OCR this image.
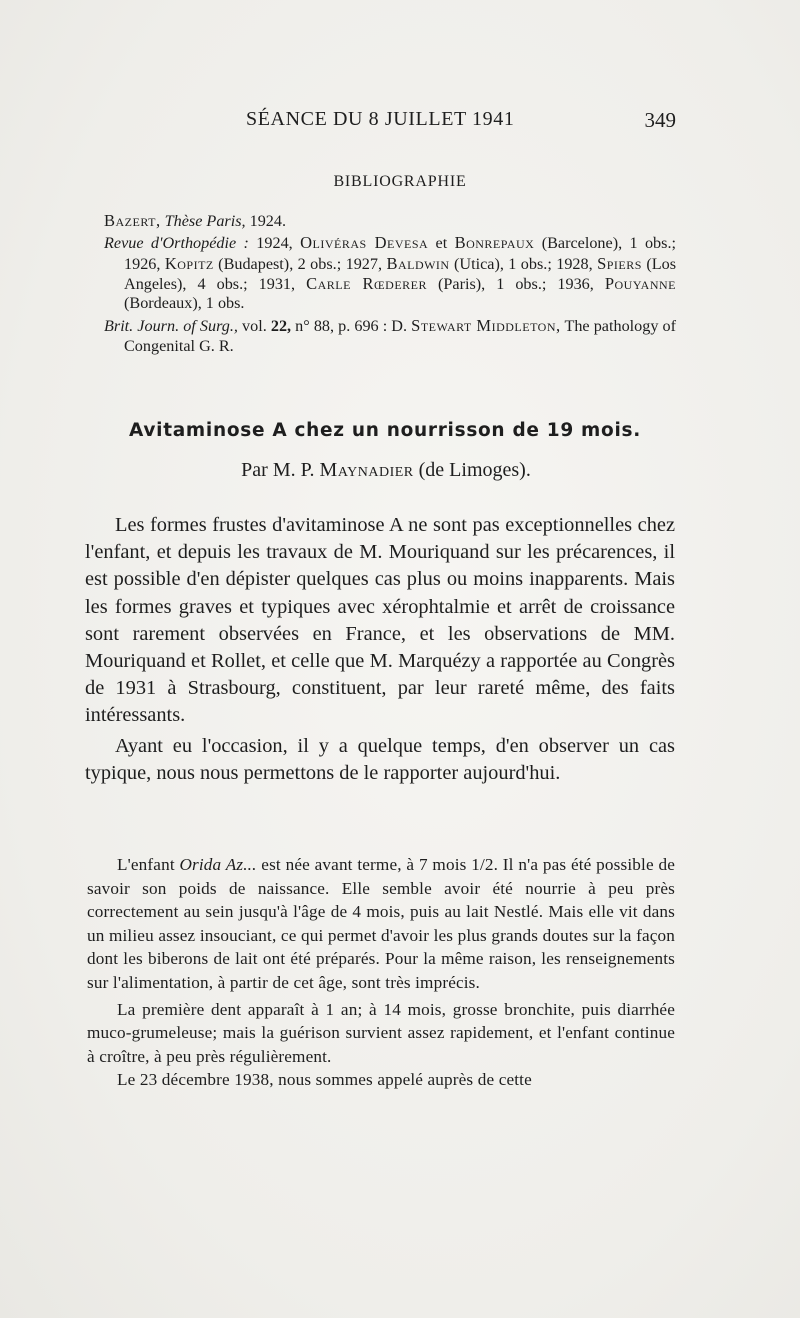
SÉANCE DU 8 JUILLET 1941	349
BIBLIOGRAPHIE

Bazert, Thèse Paris, 1924.

Revue d'Orthopédie : 1924, Olivéras Devesa et Bonrepaux (Barcelone), 1 obs.; 1926, Kopitz (Budapest), 2 obs.; 1927, Baldwin (Utica), 1 obs.; 1928, Spiers (Los Angeles), 4 obs.; 1931, Carle Rœderer (Paris), 1 obs.; 1936, Pouyanne (Bordeaux), 1 obs.

Brit. Journ. of Surg., vol. 22, n° 88, p. 696 : D. Stewart Middleton, The pathology of Congenital G. R.

Avitaminose A chez un nourrisson de 19 mois.
Par M. P. Maynadier (de Limoges).

Les formes frustes d'avitaminose A ne sont pas exceptionnelles chez l'enfant, et depuis les travaux de M. Mouriquand sur les précarences, il est possible d'en dépister quelques cas plus ou moins inapparents. Mais les formes graves et typiques avec xérophtalmie et arrêt de croissance sont rarement observées en France, et les observations de MM. Mouriquand et Rollet, et celle que M. Marquézy a rapportée au Congrès de 1931 à Strasbourg, constituent, par leur rareté même, des faits intéressants.

Ayant eu l'occasion, il y a quelque temps, d'en observer un cas typique, nous nous permettons de le rapporter aujourd'hui.

L'enfant Orida Az... est née avant terme, à 7 mois 1/2. Il n'a pas été possible de savoir son poids de naissance. Elle semble avoir été nourrie à peu près correctement au sein jusqu'à l'âge de 4 mois, puis au lait Nestlé. Mais elle vit dans un milieu assez insouciant, ce qui permet d'avoir les plus grands doutes sur la façon dont les biberons de lait ont été préparés. Pour la même raison, les renseignements sur l'alimentation, à partir de cet âge, sont très imprécis.

La première dent apparaît à 1 an; à 14 mois, grosse bronchite, puis diarrhée muco-grumeleuse; mais la guérison survient assez rapidement, et l'enfant continue à croître, à peu près régulièrement.

Le 23 décembre 1938, nous sommes appelé auprès de cette
